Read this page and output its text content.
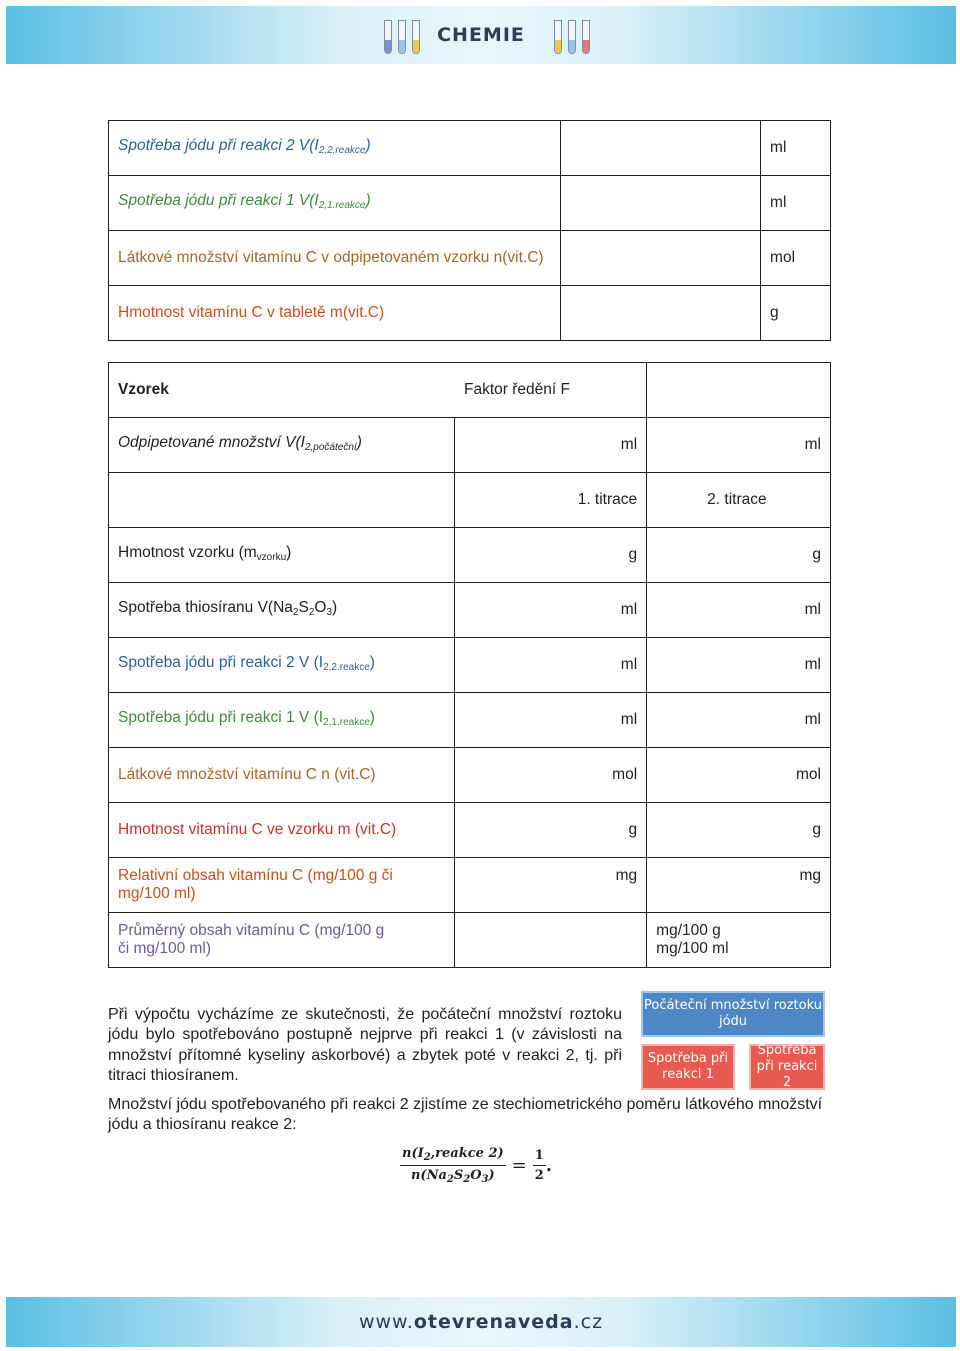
CHEMIE
Spotřeba jódu při reakci 2 $V(I_{2,2.reakce})$		ml
Spotřeba jódu při reakci 1 $V(I_{2,1.reakce})$		ml
Látkové množství vitamínu C v odpipetovaném vzorku n(vit.C)		mol
Hmotnost vitamínu C v tabletě m(vit.C)		g
Vzorek	Faktor ředění F	
Odpipetované množství $V(I_{2,počáteční})$	ml	ml
	1. titrace	2. titrace
Hmotnost vzorku $(m_{vzorku})$	g	g
Spotřeba thiosíranu $V(Na_2S_2O_3)$	ml	ml
Spotřeba jódu při reakci 2 V $(I_{2,2.reakce})$	ml	ml
Spotřeba jódu při reakci 1 V $(I_{2,1.reakce})$	ml	ml
Látkové množství vitamínu C n (vit.C)	mol	mol
Hmotnost vitamínu C ve vzorku m (vit.C)	g	g
Relativní obsah vitamínu C (mg/100 g či mg/100 ml)	mg	mg
Průměrný obsah vitamínu C (mg/100 g či mg/100 ml)		mg/100 g
mg/100 ml
Při výpočtu vycházíme ze skutečnosti, že počáteční množství roztoku jódu bylo spotřebováno postupně nejprve při reakci 1 (v závislosti na množství přítomné kyseliny askorbové) a zbytek poté v reakci 2, tj. při titraci thiosíranem.
Počáteční množství roztoku jódu
Spotřeba při reakci 1
Spotřeba při reakci 2
Množství jódu spotřebovaného při reakci 2 zjistíme ze stechiometrického poměru látkového množství jódu a thiosíranu reakce 2:
$\frac{n(I_2,reakce 2)}{n(Na_2S_2O_3)} = \frac{1}{2}$ .
www.otevrenaveda.cz
